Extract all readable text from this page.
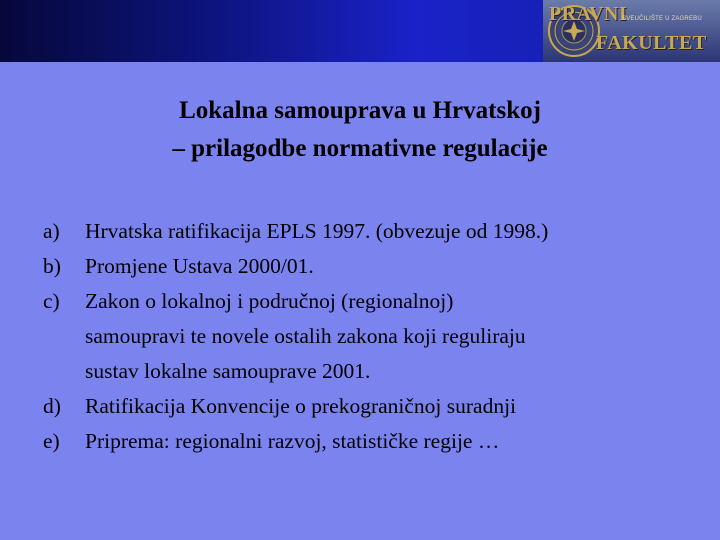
PRAVNI
SVEUČILIŠTE U ZAGREBU
FAKULTET
Lokalna samouprava u Hrvatskoj
– prilagodbe normativne regulacije
a) Hrvatska ratifikacija EPLS 1997. (obvezuje od 1998.)
b) Promjene Ustava 2000/01.
c) Zakon o lokalnoj i područnoj (regionalnoj)
samoupravi te novele ostalih zakona koji reguliraju
sustav lokalne samouprave 2001.
d) Ratifikacija Konvencije o prekograničnoj suradnji
e) Priprema: regionalni razvoj, statističke regije …
